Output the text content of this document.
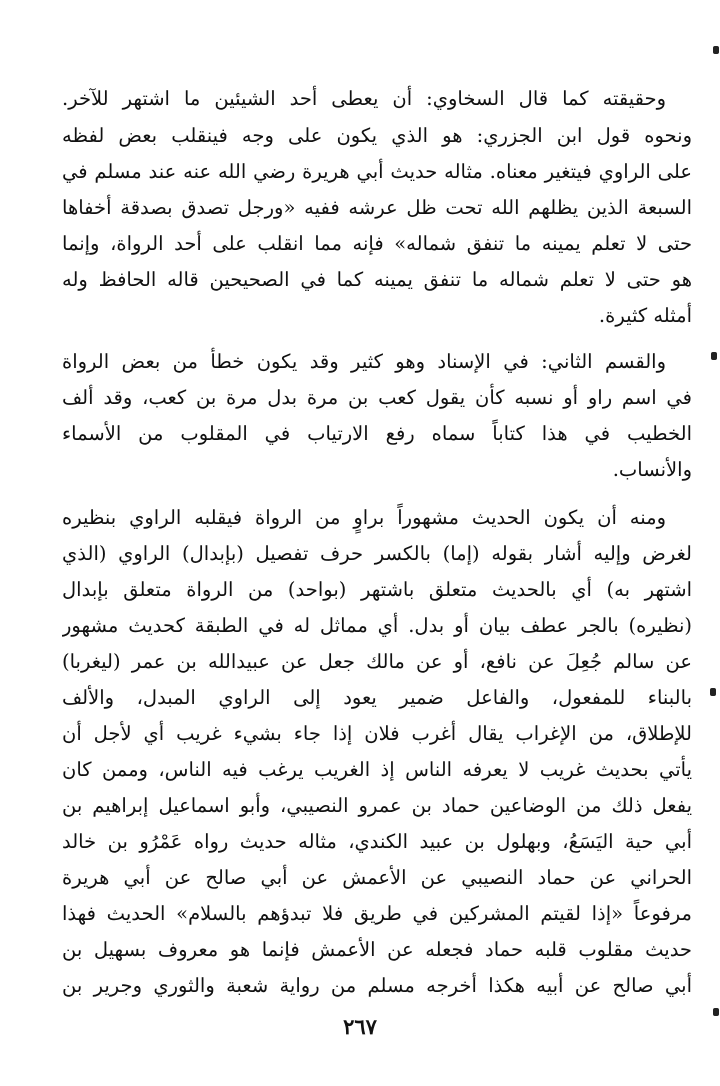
وحقيقته كما قال السخاوي: أن يعطى أحد الشيئين ما اشتهر للآخر.
ونحوه قول ابن الجزري: هو الذي يكون على وجه فينقلب بعض لفظه
على الراوي فيتغير معناه. مثاله حديث أبي هريرة رضي الله عنه عند مسلم في
السبعة الذين يظلهم الله تحت ظل عرشه ففيه «ورجل تصدق بصدقة أخفاها
حتى لا تعلم يمينه ما تنفق شماله» فإنه مما انقلب على أحد الرواة، وإنما
هو حتى لا تعلم شماله ما تنفق يمينه كما في الصحيحين قاله الحافظ وله
أمثله كثيرة.
والقسم الثاني: في الإسناد وهو كثير وقد يكون خطأ من بعض الرواة
في اسم راو أو نسبه كأن يقول كعب بن مرة بدل مرة بن كعب، وقد ألف
الخطيب في هذا كتاباً سماه رفع الارتياب في المقلوب من الأسماء
والأنساب.
ومنه أن يكون الحديث مشهوراً براوٍ من الرواة فيقلبه الراوي بنظيره
لغرض وإليه أشار بقوله (إما) بالكسر حرف تفصيل (بإبدال) الراوي (الذي
اشتهر به) أي بالحديث متعلق باشتهر (بواحد) من الرواة متعلق بإبدال
(نظيره) بالجر عطف بيان أو بدل. أي مماثل له في الطبقة كحديث مشهور
عن سالم جُعِلَ عن نافع، أو عن مالك جعل عن عبيدالله بن عمر (ليغربا)
بالبناء للمفعول، والفاعل ضمير يعود إلى الراوي المبدل، والألف
للإطلاق، من الإغراب يقال أغرب فلان إذا جاء بشيء غريب أي لأجل أن
يأتي بحديث غريب لا يعرفه الناس إذ الغريب يرغب فيه الناس، وممن كان
يفعل ذلك من الوضاعين حماد بن عمرو النصيبي، وأبو اسماعيل إبراهيم بن
أبي حية اليَسَعُ، وبهلول بن عبيد الكندي، مثاله حديث رواه عَمْرُو بن خالد
الحراني عن حماد النصيبي عن الأعمش عن أبي صالح عن أبي هريرة
مرفوعاً «إذا لقيتم المشركين في طريق فلا تبدؤهم بالسلام» الحديث فهذا
حديث مقلوب قلبه حماد فجعله عن الأعمش فإنما هو معروف بسهيل بن
أبي صالح عن أبيه هكذا أخرجه مسلم من رواية شعبة والثوري وجرير بن
٢٦٧
